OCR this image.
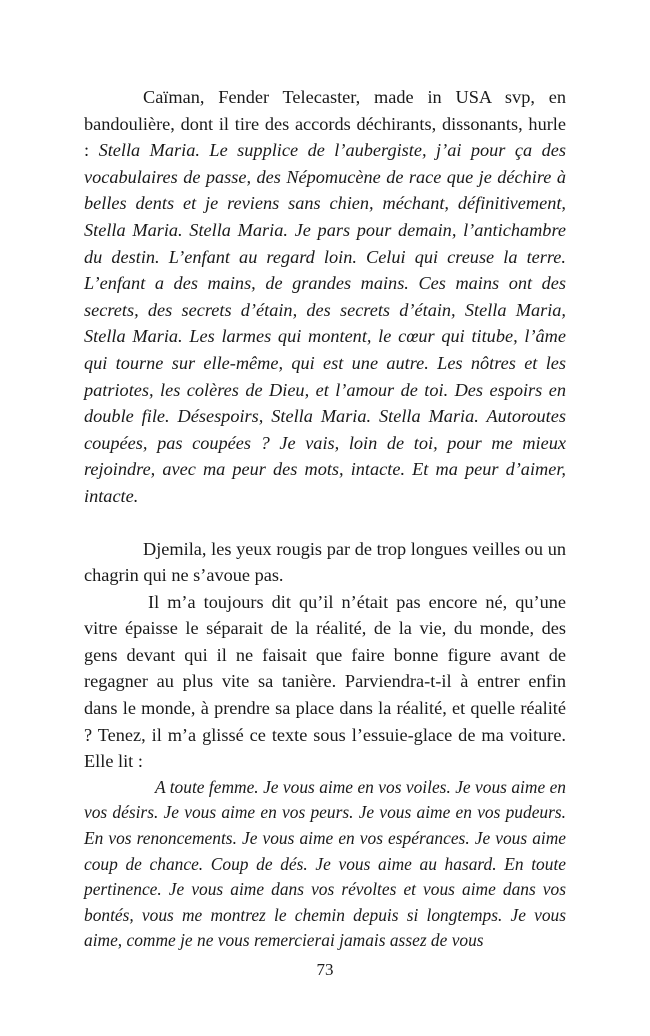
Caïman, Fender Telecaster, made in USA svp, en bandoulière, dont il tire des accords déchirants, dissonants, hurle : Stella Maria. Le supplice de l’aubergiste, j’ai pour ça des vocabulaires de passe, des Népomucène de race que je déchire à belles dents et je reviens sans chien, méchant, définitivement, Stella Maria. Stella Maria. Je pars pour demain, l’antichambre du destin. L’enfant au regard loin. Celui qui creuse la terre. L’enfant a des mains, de grandes mains. Ces mains ont des secrets, des secrets d’étain, des secrets d’étain, Stella Maria, Stella Maria. Les larmes qui montent, le cœur qui titube, l’âme qui tourne sur elle-même, qui est une autre. Les nôtres et les patriotes, les colères de Dieu, et l’amour de toi. Des espoirs en double file. Désespoirs, Stella Maria. Stella Maria. Autoroutes coupées, pas coupées ? Je vais, loin de toi, pour me mieux rejoindre, avec ma peur des mots, intacte. Et ma peur d’aimer, intacte.

Djemila, les yeux rougis par de trop longues veilles ou un chagrin qui ne s’avoue pas.

Il m’a toujours dit qu’il n’était pas encore né, qu’une vitre épaisse le séparait de la réalité, de la vie, du monde, des gens devant qui il ne faisait que faire bonne figure avant de regagner au plus vite sa tanière. Parviendra-t-il à entrer enfin dans le monde, à prendre sa place dans la réalité, et quelle réalité ? Tenez, il m’a glissé ce texte sous l’essuie-glace de ma voiture. Elle lit :

A toute femme. Je vous aime en vos voiles. Je vous aime en vos désirs. Je vous aime en vos peurs. Je vous aime en vos pudeurs. En vos renoncements. Je vous aime en vos espérances. Je vous aime coup de chance. Coup de dés. Je vous aime au hasard. En toute pertinence. Je vous aime dans vos révoltes et vous aime dans vos bontés, vous me montrez le chemin depuis si longtemps. Je vous aime, comme je ne vous remercierai jamais assez de vous

73
